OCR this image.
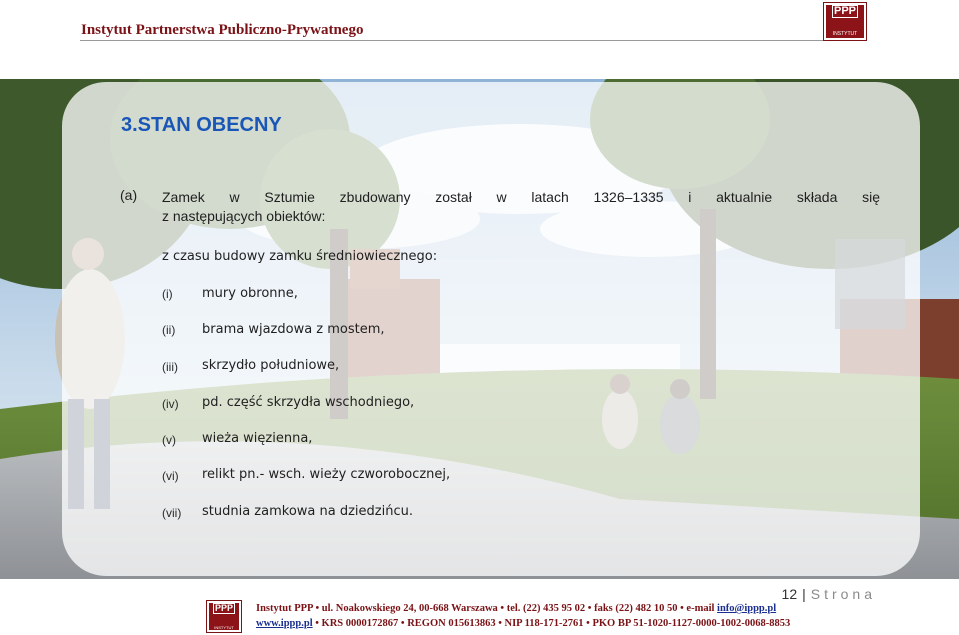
Instytut Partnerstwa Publiczno-Prywatnego
PPP
INSTYTUT
3.STAN OBECNY
(a) Zamek w Sztumie zbudowany został w latach 1326–1335 i aktualnie składa się
z następujących obiektów:
z czasu budowy zamku średniowiecznego:
(i) mury obronne,
(ii) brama wjazdowa z mostem,
(iii) skrzydło południowe,
(iv) pd. część skrzydła wschodniego,
(v) wieża więzienna,
(vi) relikt pn.- wsch. wieży czworobocznej,
(vii) studnia zamkowa na dziedzińcu.
12 | Strona
PPP
INSTYTUT
Instytut PPP • ul. Noakowskiego 24, 00-668 Warszawa • tel. (22) 435 95 02 • faks (22) 482 10 50 • e-mail info@ippp.pl
www.ippp.pl • KRS 0000172867 • REGON 015613863 • NIP 118-171-2761 • PKO BP 51-1020-1127-0000-1002-0068-8853
